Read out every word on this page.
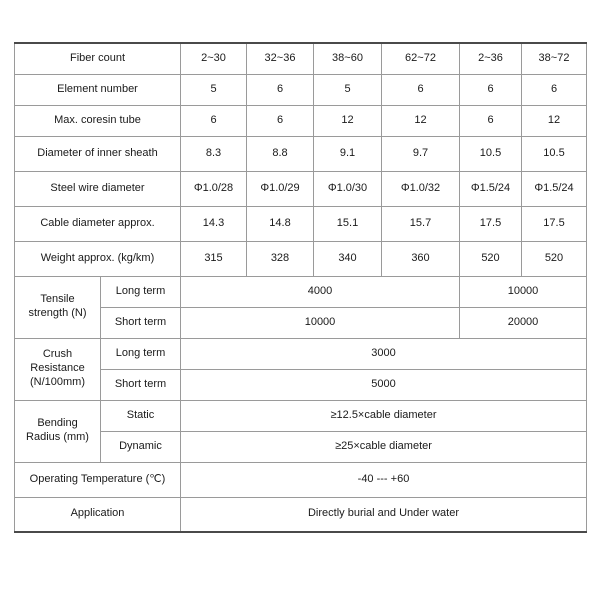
Fiber count		2~30	32~36	38~60	62~72	2~36	38~72
Element number		5	6	5	6	6	6
Max. coresin tube		6	6	12	12	6	12
Diameter of inner sheath		8.3	8.8	9.1	9.7	10.5	10.5
Steel wire diameter		Φ1.0/28	Φ1.0/29	Φ1.0/30	Φ1.0/32	Φ1.5/24	Φ1.5/24
Cable diameter approx.		14.3	14.8	15.1	15.7	17.5	17.5
Weight approx. (kg/km)		315	328	340	360	520	520
Tensile strength (N)	Long term	4000				10000	
	Short term	10000				20000	
Crush Resistance (N/100mm)	Long term	3000					
	Short term	5000					
Bending Radius (mm)	Static	≥12.5×cable diameter					
	Dynamic	≥25×cable diameter					
Operating Temperature (℃)		-40 --- +60					
Application		Directly burial and Under water					
